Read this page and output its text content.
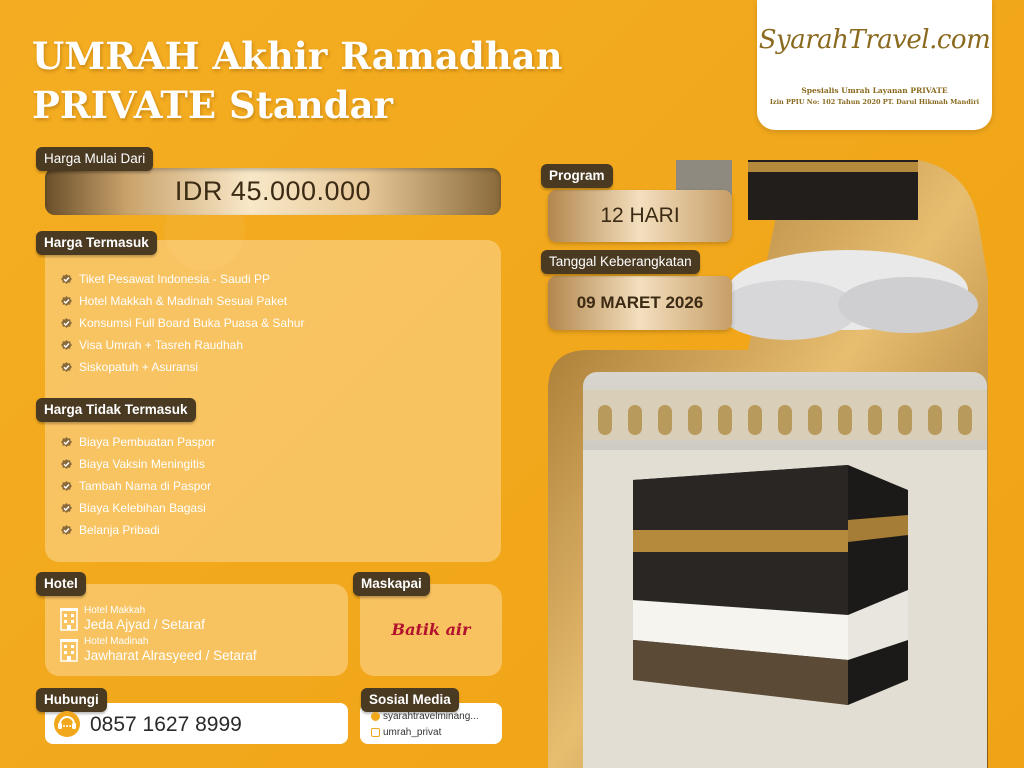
UMRAH Akhir Ramadhan
PRIVATE Standar
IDR 45.000.000
Harga Mulai Dari
Harga Termasuk
Tiket Pesawat Indonesia - Saudi PP
Hotel Makkah & Madinah Sesuai Paket
Konsumsi Full Board Buka Puasa & Sahur
Visa Umrah + Tasreh Raudhah
Siskopatuh + Asuransi
Harga Tidak Termasuk
Biaya Pembuatan Paspor
Biaya Vaksin Meningitis
Tambah Nama di Paspor
Biaya Kelebihan Bagasi
Belanja Pribadi
Hotel
Hotel Makkah
Jeda Ajyad / Setaraf
Hotel Madinah
Jawharat Alrasyeed / Setaraf
Maskapai
Batik air
Hubungi
0857 1627 8999
Sosial Media
syarahtravelminang...
umrah_privat
12 HARI
Program
09 MARET 2026
Tanggal Keberangkatan
SyarahTravel.com
Spesialis Umrah Layanan PRIVATE
Izin PPIU No: 102 Tahun 2020 PT. Darul Hikmah Mandiri
